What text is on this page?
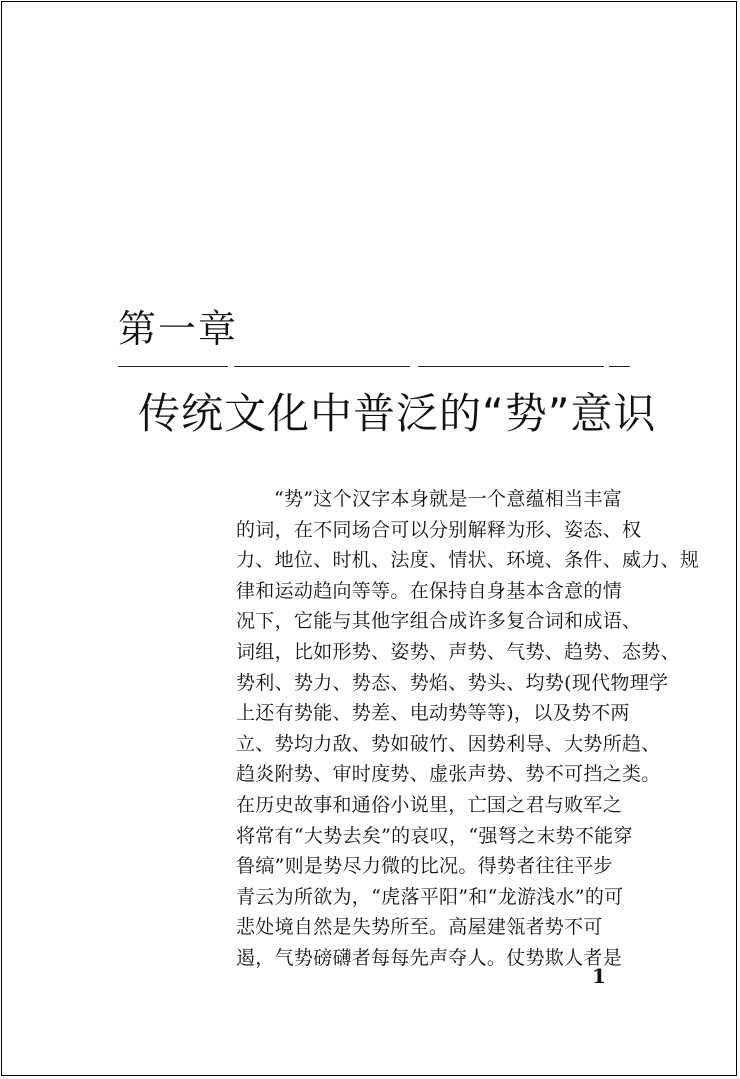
第一章
传统文化中普泛的“势”意识
“势”这个汉字本身就是一个意蕴相当丰富
的词，在不同场合可以分别解释为形、姿态、权
力、地位、时机、法度、情状、环境、条件、威力、规
律和运动趋向等等。在保持自身基本含意的情
况下，它能与其他字组合成许多复合词和成语、
词组，比如形势、姿势、声势、气势、趋势、态势、
势利、势力、势态、势焰、势头、均势(现代物理学
上还有势能、势差、电动势等等)，以及势不两
立、势均力敌、势如破竹、因势利导、大势所趋、
趋炎附势、审时度势、虚张声势、势不可挡之类。
在历史故事和通俗小说里，亡国之君与败军之
将常有“大势去矣”的哀叹，“强弩之末势不能穿
鲁缟”则是势尽力微的比况。得势者往往平步
青云为所欲为，“虎落平阳”和“龙游浅水”的可
悲处境自然是失势所至。高屋建瓴者势不可
遏，气势磅礴者每每先声夺人。仗势欺人者是
1
